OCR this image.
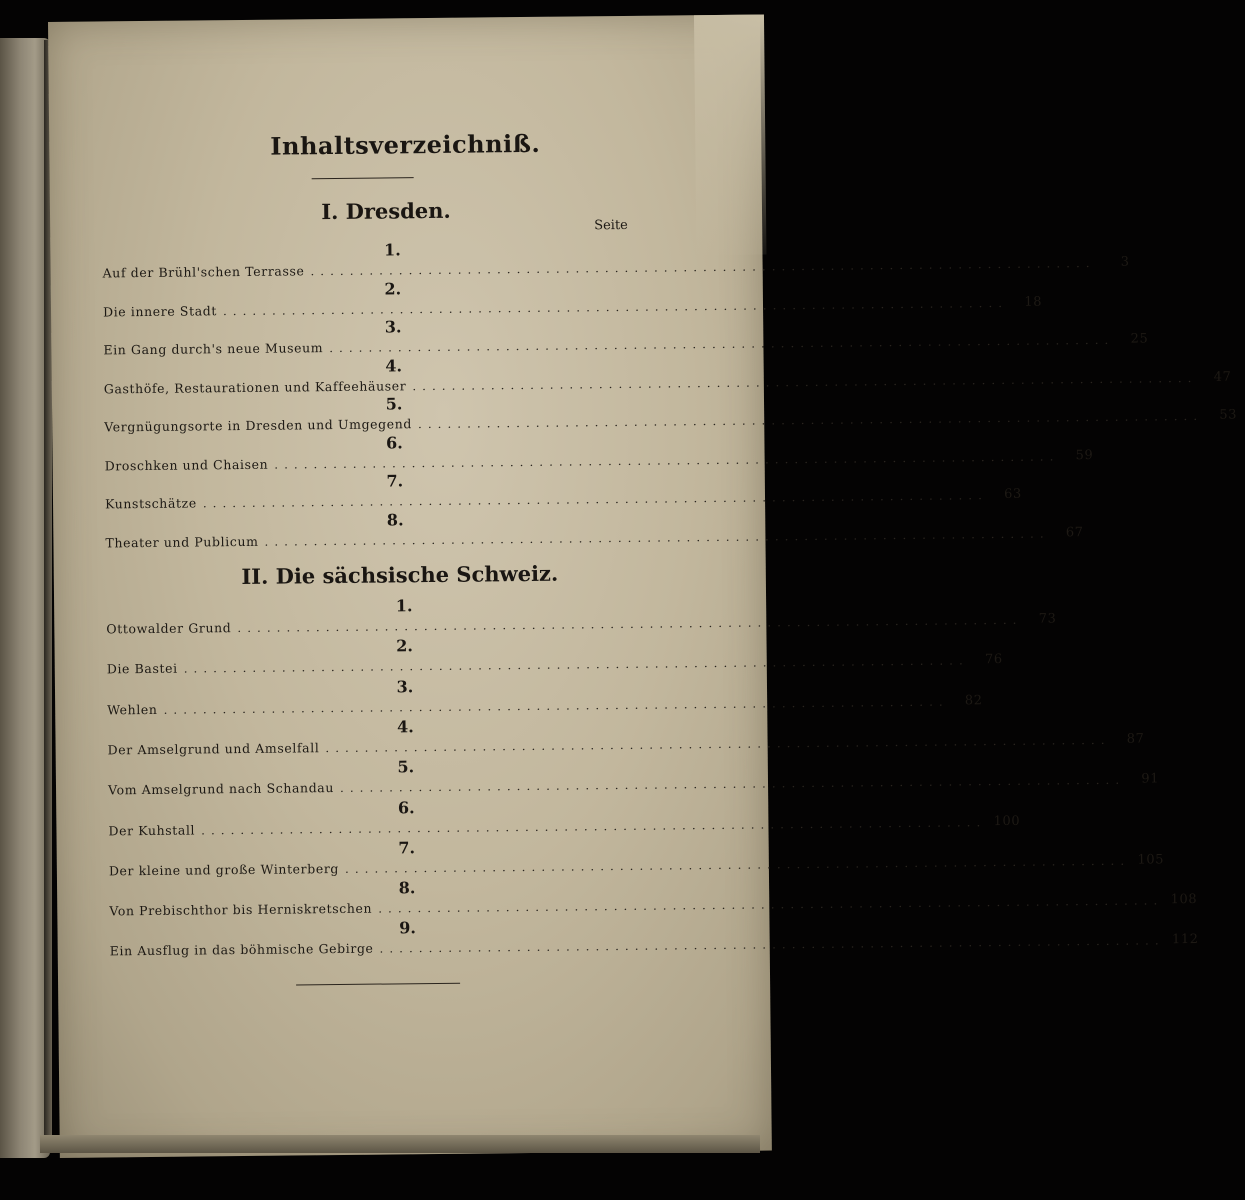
Inhaltsverzeichniß.
I. Dresden.
Seite
1.
Auf der Brühl'schen Terrasse ................................................................................	3
2.
Die innere Stadt ................................................................................	18
3.
Ein Gang durch's neue Museum ................................................................................	25
4.
Gasthöfe, Restaurationen und Kaffeehäuser ................................................................................	47
5.
Vergnügungsorte in Dresden und Umgegend ................................................................................	53
6.
Droschken und Chaisen ................................................................................	59
7.
Kunstschätze ................................................................................	63
8.
Theater und Publicum ................................................................................	67
II. Die sächsische Schweiz.
1.
Ottowalder Grund ................................................................................	73
2.
Die Bastei ................................................................................	76
3.
Wehlen ................................................................................	82
4.
Der Amselgrund und Amselfall ................................................................................	87
5.
Vom Amselgrund nach Schandau ................................................................................	91
6.
Der Kuhstall ................................................................................ 100
7.
Der kleine und große Winterberg ................................................................................ 105
8.
Von Prebischthor bis Herniskretschen ................................................................................ 108
9.
Ein Ausflug in das böhmische Gebirge ................................................................................ 112
